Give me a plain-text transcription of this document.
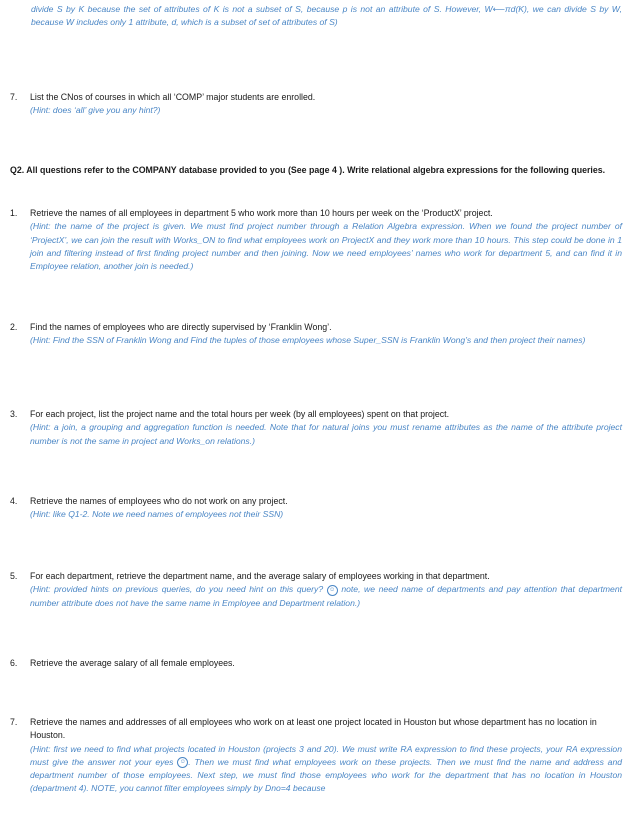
divide S by K because the set of attributes of K is not a subset of S, because p is not an attribute of S. However, W⟵πd(K), we can divide S by W, because W includes only 1 attribute, d, which is a subset of set of attributes of S)
7.	List the CNos of courses in which all ‘COMP’ major students are enrolled.
(Hint: does ‘all’ give you any hint?)
Q2. All questions refer to the COMPANY database provided to you (See page 4 ). Write relational algebra expressions for the following queries.
1.	Retrieve the names of all employees in department 5 who work more than 10 hours per week on the ‘ProductX’ project.
(Hint: the name of the project is given. We must find project number through a Relation Algebra expression. When we found the project number of ‘ProjectX’, we can join the result with Works_ON to find what employees work on ProjectX and they work more than 10 hours. This step could be done in 1 join and filtering instead of first finding project number and then joining. Now we need employees’ names who work for department 5, and can find it in Employee relation, another join is needed.)
2.	Find the names of employees who are directly supervised by ‘Franklin Wong’.
(Hint: Find the SSN of Franklin Wong and Find the tuples of those employees whose Super_SSN is Franklin Wong’s and then project their names)
3.	For each project, list the project name and the total hours per week (by all employees) spent on that project.
(Hint: a join, a grouping and aggregation function is needed. Note that for natural joins you must rename attributes as the name of the attribute project number is not the same in project and Works_on relations.)
4.	Retrieve the names of employees who do not work on any project.
(Hint: like Q1-2. Note we need names of employees not their SSN)
5.	For each department, retrieve the department name, and the average salary of employees working in that department.
(Hint: provided hints on previous queries, do you need hint on this query? ☺ note, we need name of departments and pay attention that department number attribute does not have the same name in Employee and Department relation.)
6.	Retrieve the average salary of all female employees.
7.	Retrieve the names and addresses of all employees who work on at least one project located in Houston but whose department has no location in Houston.
(Hint: first we need to find what projects located in Houston (projects 3 and 20). We must write RA expression to find these projects, your RA expression must give the answer not your eyes ☺ . Then we must find what employees work on these projects. Then we must find the name and address and department number of those employees. Next step, we must find those employees who work for the department that has no location in Houston (department 4). NOTE, you cannot filter employees simply by Dno=4 because
